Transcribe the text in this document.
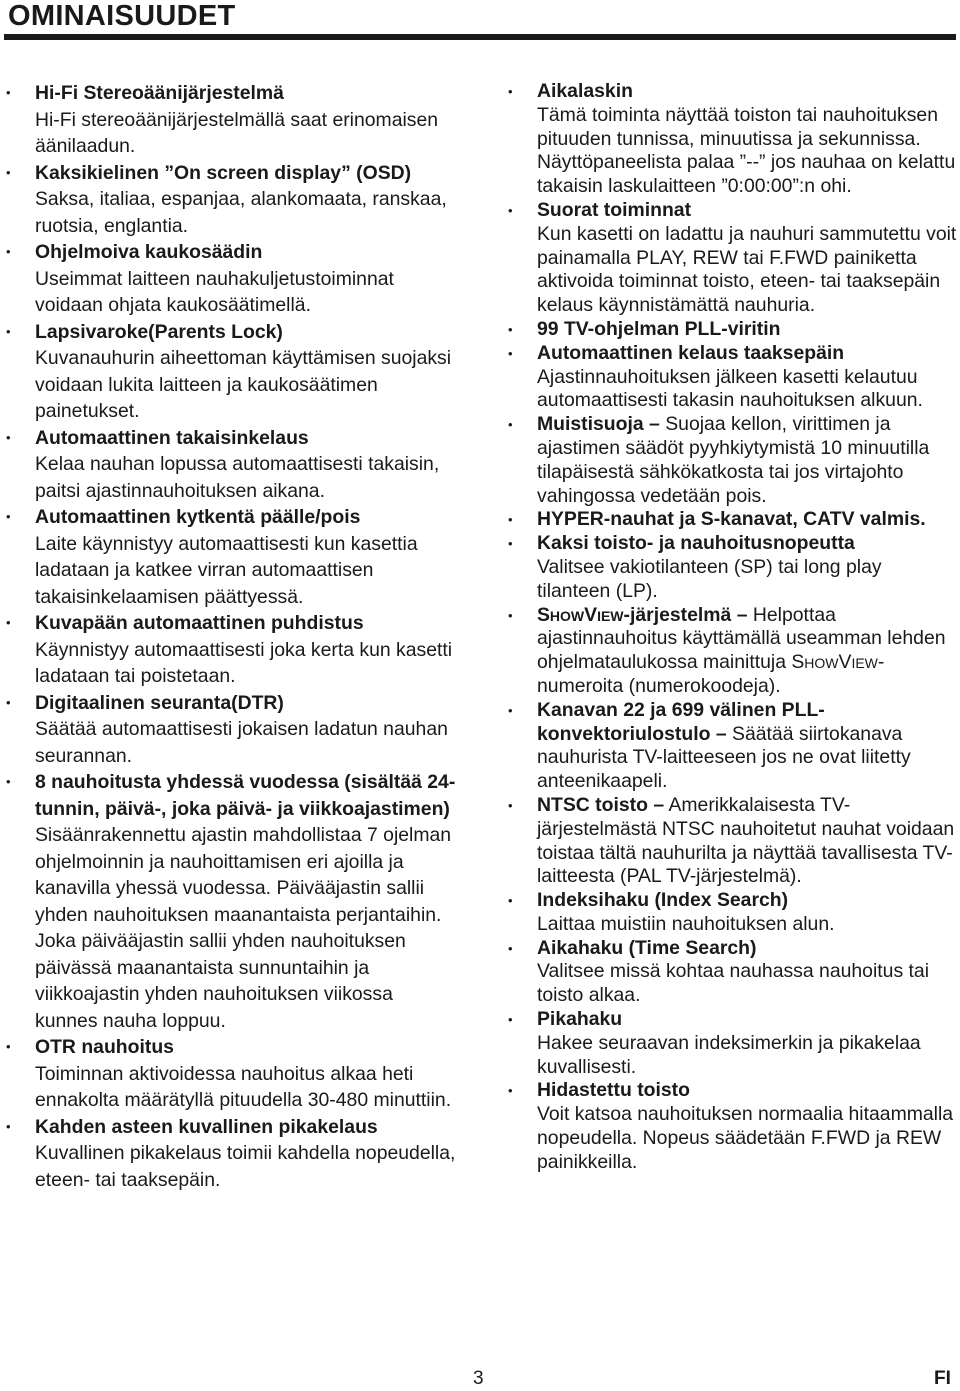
OMINAISUUDET
• Hi-Fi Stereoäänijärjestelmä
Hi-Fi stereoäänijärjestelmällä saat erinomaisen äänilaadun.
• Kaksikielinen ”On screen display” (OSD)
Saksa, italiaa, espanjaa, alankomaata, ranskaa, ruotsia, englantia.
• Ohjelmoiva kaukosäädin
Useimmat laitteen nauhakuljetustoiminnat voidaan ohjata kaukosäätimellä.
• Lapsivaroke(Parents Lock)
Kuvanauhurin aiheettoman käyttämisen suojaksi voidaan lukita laitteen ja kaukosäätimen painetukset.
• Automaattinen takaisinkelaus
Kelaa nauhan lopussa automaattisesti takaisin, paitsi ajastinnauhoituksen aikana.
• Automaattinen kytkentä päälle/pois
Laite käynnistyy automaattisesti kun kasettia ladataan ja katkee virran automaattisen takaisinkelaamisen päättyessä.
• Kuvapään automaattinen puhdistus
Käynnistyy automaattisesti joka kerta kun kasetti ladataan tai poistetaan.
• Digitaalinen seuranta(DTR)
Säätää automaattisesti jokaisen ladatun nauhan seurannan.
• 8 nauhoitusta yhdessä vuodessa (sisältää 24-tunnin, päivä-, joka päivä- ja viikkoajastimen)
Sisäänrakennettu ajastin mahdollistaa 7 ojelman ohjelmoinnin ja nauhoittamisen eri ajoilla ja kanavilla yhessä vuodessa. Päivääjastin sallii yhden nauhoituksen maanantaista perjantaihin. Joka päivääjastin sallii yhden nauhoituksen päivässä maanantaista sunnuntaihin ja viikkoajastin yhden nauhoituksen viikossa kunnes nauha loppuu.
• OTR nauhoitus
Toiminnan aktivoidessa nauhoitus alkaa heti ennakolta määrätyllä pituudella 30-480 minuttiin.
• Kahden asteen kuvallinen pikakelaus
Kuvallinen pikakelaus toimii kahdella nopeudella, eteen- tai taaksepäin.
• Aikalaskin
Tämä toiminta näyttää toiston tai nauhoituksen pituuden tunnissa, minuutissa ja sekunnissa. Näyttöpaneelista palaa ”--” jos nauhaa on kelattu takaisin laskulaitteen ”0:00:00”:n ohi.
• Suorat toiminnat
Kun kasetti on ladattu ja nauhuri sammutettu voit painamalla PLAY, REW tai F.FWD painiketta aktivoida toiminnat toisto, eteen- tai taaksepäin kelaus käynnistämättä nauhuria.
• 99 TV-ohjelman PLL-viritin
• Automaattinen kelaus taaksepäin
Ajastinnauhoituksen jälkeen kasetti kelautuu automaattisesti takasin nauhoituksen alkuun.
• Muistisuoja – Suojaa kellon, virittimen ja ajastimen säädöt pyyhkiytymistä 10 minuutilla tilapäisestä sähkökatkosta tai jos virtajohto vahingossa vedetään pois.
• HYPER-nauhat ja S-kanavat, CATV valmis.
• Kaksi toisto- ja nauhoitusnopeutta
Valitsee vakiotilanteen (SP) tai long play tilanteen (LP).
• ShowView-järjestelmä – Helpottaa ajastinnauhoitus käyttämällä useamman lehden ohjelmataulukossa mainittuja ShowView-numeroita (numerokoodeja).
• Kanavan 22 ja 699 välinen PLL-konvektoriulostulo – Säätää siirtokanava nauhurista TV-laitteeseen jos ne ovat liitetty anteenikaapeli.
• NTSC toisto – Amerikkalaisesta TV-järjestelmästä NTSC nauhoitetut nauhat voidaan toistaa tältä nauhurilta ja näyttää tavallisesta TV-laitteesta (PAL TV-järjestelmä).
• Indeksihaku (Index Search)
Laittaa muistiin nauhoituksen alun.
• Aikahaku (Time Search)
Valitsee missä kohtaa nauhassa nauhoitus tai toisto alkaa.
• Pikahaku
Hakee seuraavan indeksimerkin ja pikakelaa kuvallisesti.
• Hidastettu toisto
Voit katsoa nauhoituksen normaalia hitaammalla nopeudella. Nopeus säädetään F.FWD ja REW painikkeilla.
3	FI
